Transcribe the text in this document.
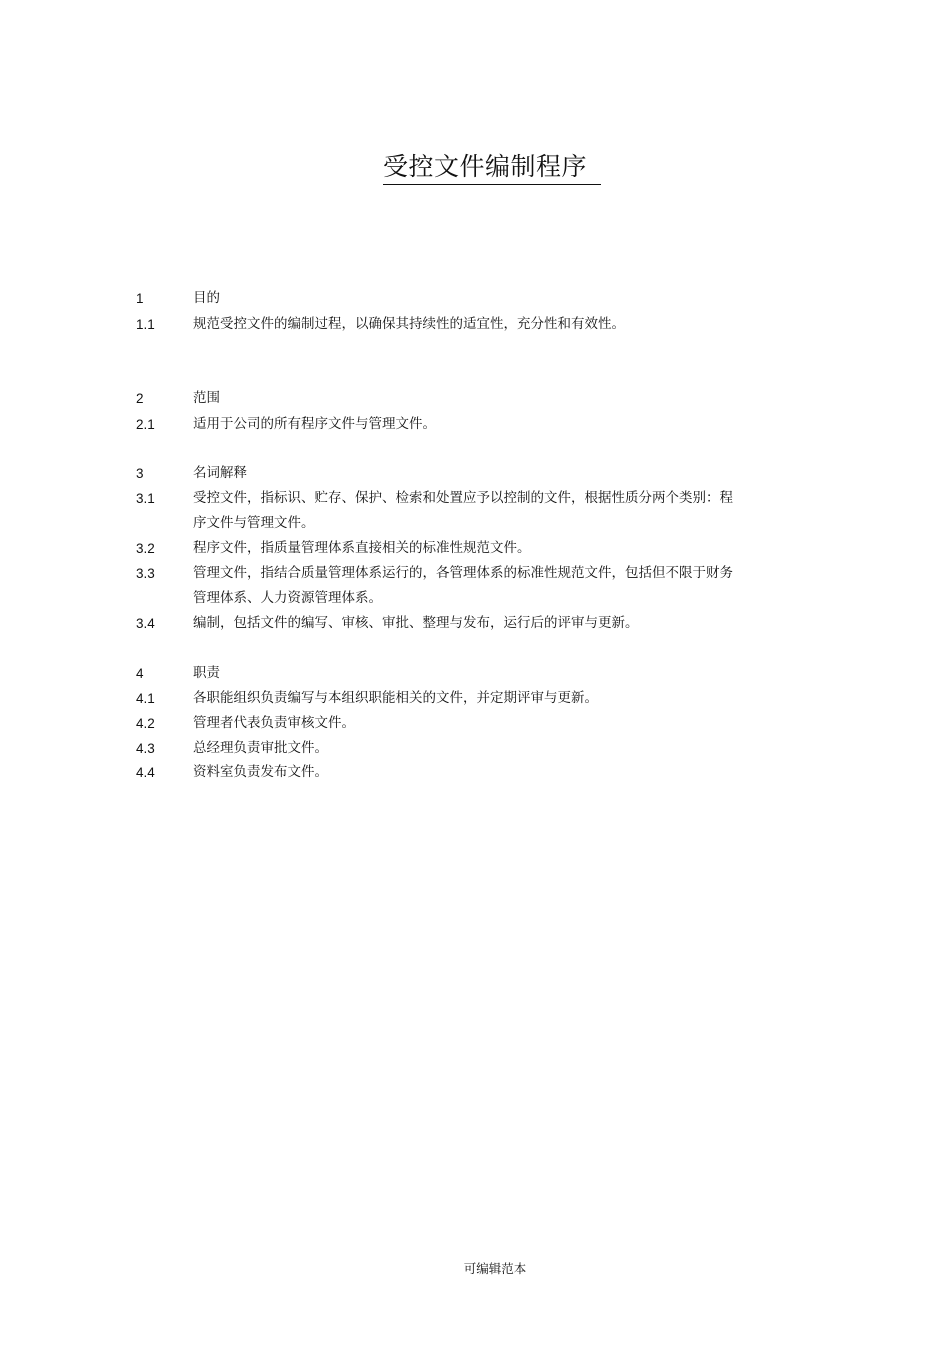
受控文件编制程序
1	目的
1.1	规范受控文件的编制过程，以确保其持续性的适宜性，充分性和有效性。
2	范围
2.1	适用于公司的所有程序文件与管理文件。
3	名词解释
3.1	受控文件，指标识、贮存、保护、检索和处置应予以控制的文件，根据性质分两个类别：程
序文件与管理文件。
3.2	程序文件，指质量管理体系直接相关的标准性规范文件。
3.3	管理文件，指结合质量管理体系运行的，各管理体系的标准性规范文件，包括但不限于财务
管理体系、人力资源管理体系。
3.4	编制，包括文件的编写、审核、审批、整理与发布，运行后的评审与更新。
4	职责
4.1	各职能组织负责编写与本组织职能相关的文件，并定期评审与更新。
4.2	管理者代表负责审核文件。
4.3	总经理负责审批文件。
4.4	资料室负责发布文件。
可编辑范本
